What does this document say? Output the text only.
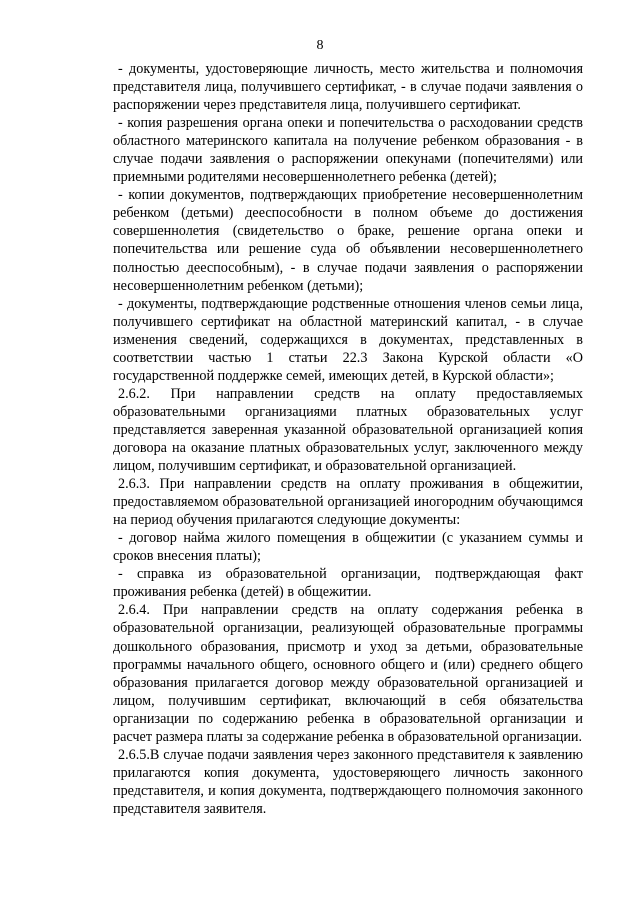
8

- документы, удостоверяющие личность, место жительства и полномочия представителя лица, получившего сертификат, - в случае подачи заявления о распоряжении через представителя лица, получившего сертификат.

- копия разрешения органа опеки и попечительства о расходовании средств областного материнского капитала на получение ребенком образования - в случае подачи заявления о распоряжении опекунами (попечителями) или приемными родителями несовершеннолетнего ребенка (детей);

- копии документов, подтверждающих приобретение несовершеннолетним ребенком (детьми) дееспособности в полном объеме до достижения совершеннолетия (свидетельство о браке, решение органа опеки и попечительства или решение суда об объявлении несовершеннолетнего полностью дееспособным), - в случае подачи заявления о распоряжении несовершеннолетним ребенком (детьми);

- документы, подтверждающие родственные отношения членов семьи лица, получившего сертификат на областной материнский капитал, - в случае изменения сведений, содержащихся в документах, представленных в соответствии частью 1 статьи 22.3 Закона Курской области «О государственной поддержке семей, имеющих детей, в Курской области»;

2.6.2. При направлении средств на оплату предоставляемых образовательными организациями платных образовательных услуг представляется заверенная указанной образовательной организацией копия договора на оказание платных образовательных услуг, заключенного между лицом, получившим сертификат, и образовательной организацией.

2.6.3. При направлении средств на оплату проживания в общежитии, предоставляемом образовательной организацией иногородним обучающимся на период обучения прилагаются следующие документы:

- договор найма жилого помещения в общежитии (с указанием суммы и сроков внесения платы);

- справка из образовательной организации, подтверждающая факт проживания ребенка (детей) в общежитии.

2.6.4. При направлении средств на оплату содержания ребенка в образовательной организации, реализующей образовательные программы дошкольного образования, присмотр и уход за детьми, образовательные программы начального общего, основного общего и (или) среднего общего образования прилагается договор между образовательной организацией и лицом, получившим сертификат, включающий в себя обязательства организации по содержанию ребенка в образовательной организации и расчет размера платы за содержание ребенка в образовательной организации.

2.6.5.В случае подачи заявления через законного представителя к заявлению прилагаются копия документа, удостоверяющего личность законного представителя, и копия документа, подтверждающего полномочия законного представителя заявителя.
